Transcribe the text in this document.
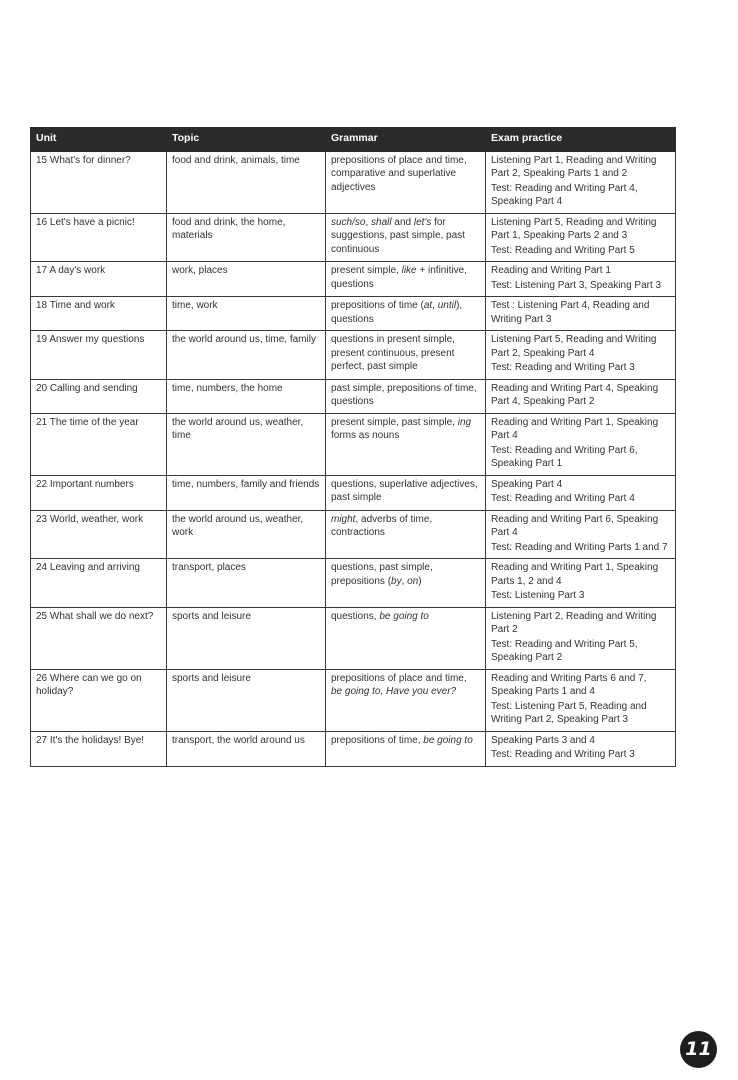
Unit	Topic	Grammar	Exam practice
15 What's for dinner?	food and drink, animals, time	prepositions of place and time, comparative and superlative adjectives	Listening Part 1, Reading and Writing Part 2, Speaking Parts 1 and 2
Test: Reading and Writing Part 4, Speaking Part 4

16 Let's have a picnic!	food and drink, the home, materials	such/so, shall and let's for suggestions, past simple, past continuous	Listening Part 5, Reading and Writing Part 1, Speaking Parts 2 and 3
Test: Reading and Writing Part 5

17 A day's work	work, places	present simple, like + infinitive, questions	Reading and Writing Part 1
Test: Listening Part 3, Speaking Part 3

18 Time and work	time, work	prepositions of time (at, until), questions	Test : Listening Part 4, Reading and Writing Part 3

19 Answer my questions	the world around us, time, family	questions in present simple, present continuous, present perfect, past simple	Listening Part 5, Reading and Writing Part 2, Speaking Part 4
Test: Reading and Writing Part 3

20 Calling and sending	time, numbers, the home	past simple, prepositions of time, questions	Reading and Writing Part 4, Speaking Part 4, Speaking Part 2

21 The time of the year	the world around us, weather, time	present simple, past simple, ing forms as nouns	Reading and Writing Part 1, Speaking Part 4
Test: Reading and Writing Part 6, Speaking Part 1

22 Important numbers	time, numbers, family and friends	questions, superlative adjectives, past simple	Speaking Part 4
Test: Reading and Writing Part 4

23 World, weather, work	the world around us, weather, work	might, adverbs of time, contractions	Reading and Writing Part 6, Speaking Part 4
Test: Reading and Writing Parts 1 and 7

24 Leaving and arriving	transport, places	questions, past simple, prepositions (by, on)	Reading and Writing Part 1, Speaking Parts 1, 2 and 4
Test: Listening Part 3

25 What shall we do next?	sports and leisure	questions, be going to	Listening Part 2, Reading and Writing Part 2
Test: Reading and Writing Part 5, Speaking Part 2

26 Where can we go on holiday?	sports and leisure	prepositions of place and time, be going to, Have you ever?	Reading and Writing Parts 6 and 7, Speaking Parts 1 and 4
Test: Listening Part 5, Reading and Writing Part 2, Speaking Part 3

27 It's the holidays! Bye!	transport, the world around us	prepositions of time, be going to	Speaking Parts 3 and 4
Test: Reading and Writing Part 3
11
